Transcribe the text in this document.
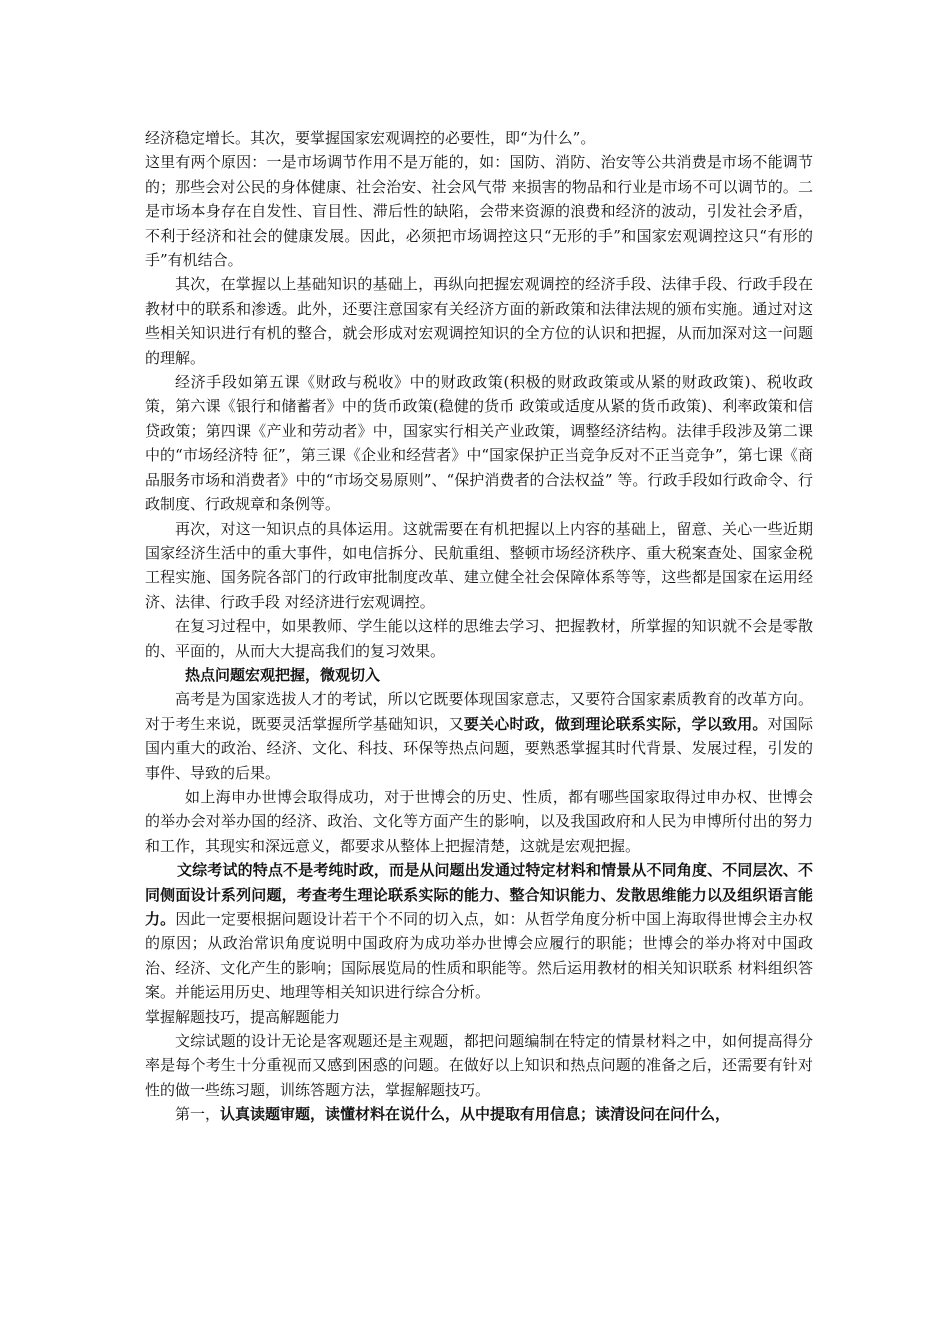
经济稳定增长。其次，要掌握国家宏观调控的必要性，即“为什么”。

这里有两个原因：一是市场调节作用不是万能的，如：国防、消防、治安等公共消费是市场不能调节的；那些会对公民的身体健康、社会治安、社会风气带 来损害的物品和行业是市场不可以调节的。二是市场本身存在自发性、盲目性、滞后性的缺陷，会带来资源的浪费和经济的波动，引发社会矛盾，不利于经济和社会的健康发展。因此，必须把市场调控这只“无形的手”和国家宏观调控这只“有形的手”有机结合。

其次，在掌握以上基础知识的基础上，再纵向把握宏观调控的经济手段、法律手段、行政手段在教材中的联系和渗透。此外，还要注意国家有关经济方面的新政策和法律法规的颁布实施。通过对这些相关知识进行有机的整合，就会形成对宏观调控知识的全方位的认识和把握，从而加深对这一问题的理解。

经济手段如第五课《财政与税收》中的财政政策(积极的财政政策或从紧的财政政策)、税收政策，第六课《银行和储蓄者》中的货币政策(稳健的货币 政策或适度从紧的货币政策)、利率政策和信贷政策；第四课《产业和劳动者》中，国家实行相关产业政策，调整经济结构。法律手段涉及第二课中的“市场经济特 征”，第三课《企业和经营者》中“国家保护正当竞争反对不正当竞争”，第七课《商品服务市场和消费者》中的“市场交易原则”、“保护消费者的合法权益” 等。行政手段如行政命令、行政制度、行政规章和条例等。

再次，对这一知识点的具体运用。这就需要在有机把握以上内容的基础上，留意、关心一些近期国家经济生活中的重大事件，如电信拆分、民航重组、整顿市场经济秩序、重大税案查处、国家金税工程实施、国务院各部门的行政审批制度改革、建立健全社会保障体系等等，这些都是国家在运用经济、法律、行政手段 对经济进行宏观调控。

在复习过程中，如果教师、学生能以这样的思维去学习、把握教材，所掌握的知识就不会是零散的、平面的，从而大大提高我们的复习效果。

热点问题宏观把握，微观切入

高考是为国家选拔人才的考试，所以它既要体现国家意志，又要符合国家素质教育的改革方向。对于考生来说，既要灵活掌握所学基础知识，又要关心时政，做到理论联系实际，学以致用。对国际国内重大的政治、经济、文化、科技、环保等热点问题，要熟悉掌握其时代背景、发展过程，引发的事件、导致的后果。

如上海申办世博会取得成功，对于世博会的历史、性质，都有哪些国家取得过申办权、世博会的举办会对举办国的经济、政治、文化等方面产生的影响，以及我国政府和人民为申博所付出的努力和工作，其现实和深远意义，都要求从整体上把握清楚，这就是宏观把握。

文综考试的特点不是考纯时政，而是从问题出发通过特定材料和情景从不同角度、不同层次、不同侧面设计系列问题，考查考生理论联系实际的能力、整合知识能力、发散思维能力以及组织语言能力。因此一定要根据问题设计若干个不同的切入点，如：从哲学角度分析中国上海取得世博会主办权的原因；从政治常识角度说明中国政府为成功举办世博会应履行的职能；世博会的举办将对中国政治、经济、文化产生的影响；国际展览局的性质和职能等。然后运用教材的相关知识联系 材料组织答案。并能运用历史、地理等相关知识进行综合分析。

掌握解题技巧，提高解题能力

文综试题的设计无论是客观题还是主观题，都把问题编制在特定的情景材料之中，如何提高得分率是每个考生十分重视而又感到困惑的问题。在做好以上知识和热点问题的准备之后，还需要有针对性的做一些练习题，训练答题方法，掌握解题技巧。

第一，认真读题审题，读懂材料在说什么，从中提取有用信息；读清设问在问什么，
